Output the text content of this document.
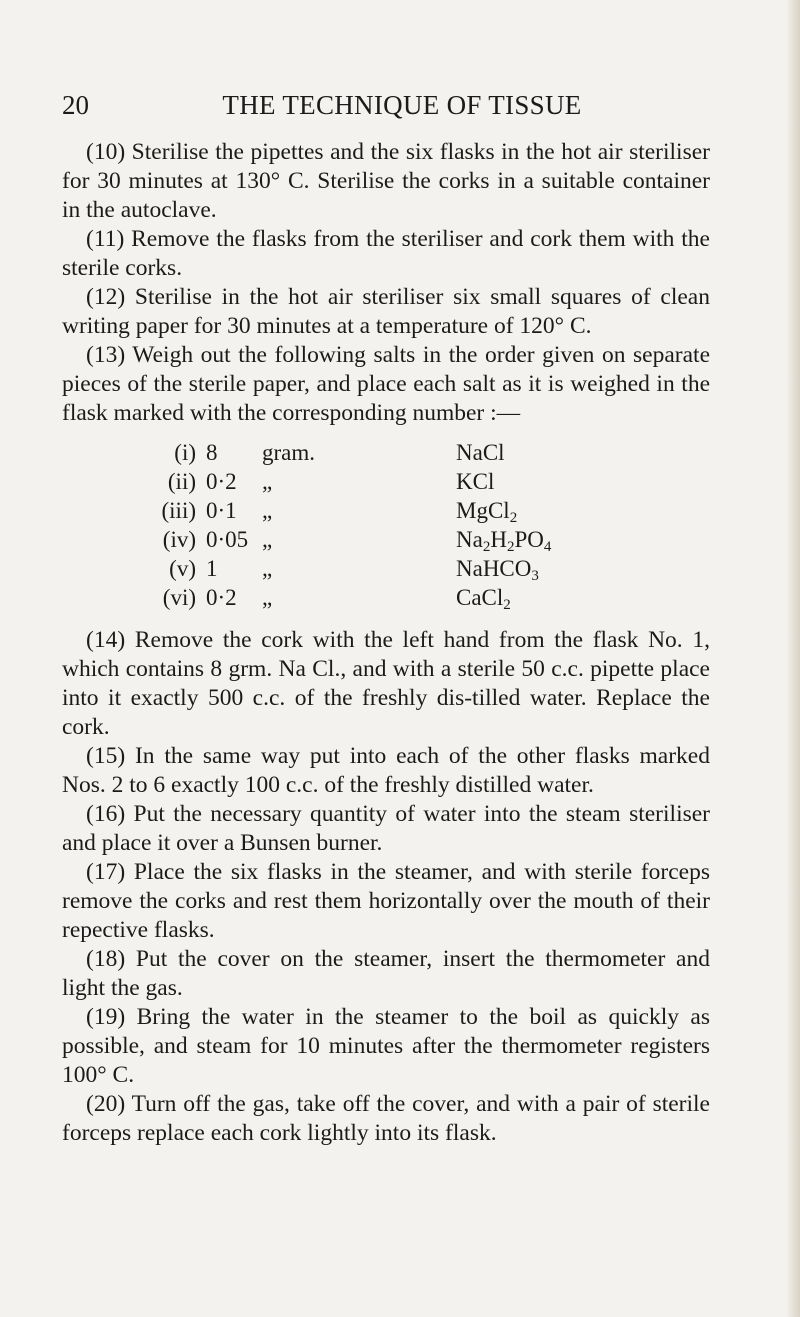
20	THE TECHNIQUE OF TISSUE

(10) Sterilise the pipettes and the six flasks in the hot air steriliser for 30 minutes at 130° C. Sterilise the corks in a suitable container in the autoclave.

(11) Remove the flasks from the steriliser and cork them with the sterile corks.

(12) Sterilise in the hot air steriliser six small squares of clean writing paper for 30 minutes at a temperature of 120° C.

(13) Weigh out the following salts in the order given on separate pieces of the sterile paper, and place each salt as it is weighed in the flask marked with the corresponding number :—

(i) 8 gram.	NaCl
(ii) 0·2 „	KCl
(iii) 0·1 „	MgCl$_2$
(iv) 0·05 „	$Na_2H_2PO_4$
(v) 1 „	NaHCO$_3$
(vi) 0·2 „	CaCl$_2$

(14) Remove the cork with the left hand from the flask No. 1, which contains 8 grm. Na Cl., and with a sterile 50 c.c. pipette place into it exactly 500 c.c. of the freshly dis-tilled water. Replace the cork.

(15) In the same way put into each of the other flasks marked Nos. 2 to 6 exactly 100 c.c. of the freshly distilled water.

(16) Put the necessary quantity of water into the steam steriliser and place it over a Bunsen burner.

(17) Place the six flasks in the steamer, and with sterile forceps remove the corks and rest them horizontally over the mouth of their repective flasks.

(18) Put the cover on the steamer, insert the thermometer and light the gas.

(19) Bring the water in the steamer to the boil as quickly as possible, and steam for 10 minutes after the thermometer registers 100° C.

(20) Turn off the gas, take off the cover, and with a pair of sterile forceps replace each cork lightly into its flask.
